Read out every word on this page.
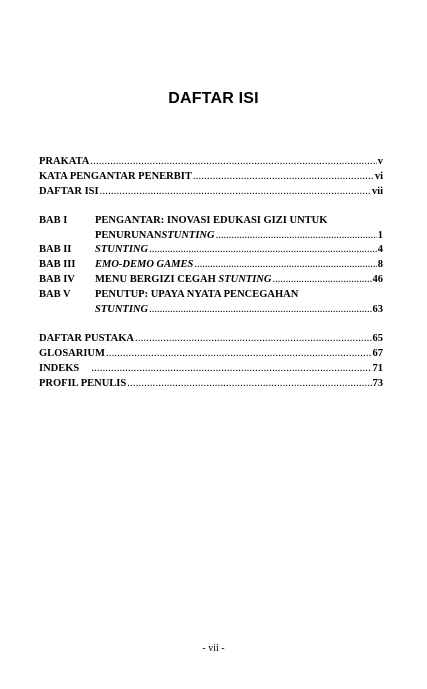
DAFTAR ISI
PRAKATA .....	v
KATA PENGANTAR PENERBIT .....	vi
DAFTAR ISI .....	vii
BAB I	PENGANTAR: INOVASI EDUKASI GIZI UNTUK
PENURUNAN STUNTING .....	1
BAB II STUNTING .....	4
BAB III EMO-DEMO GAMES .....	8
BAB IV MENU BERGIZI CEGAH
STUNTING .....	46
BAB V PENUTUP: UPAYA NYATA PENCEGAHAN
STUNTING .....	63
DAFTAR PUSTAKA .....	65
GLOSARIUM .....	67
INDEKS .....	71
PROFIL PENULIS .....	73
- vii -
